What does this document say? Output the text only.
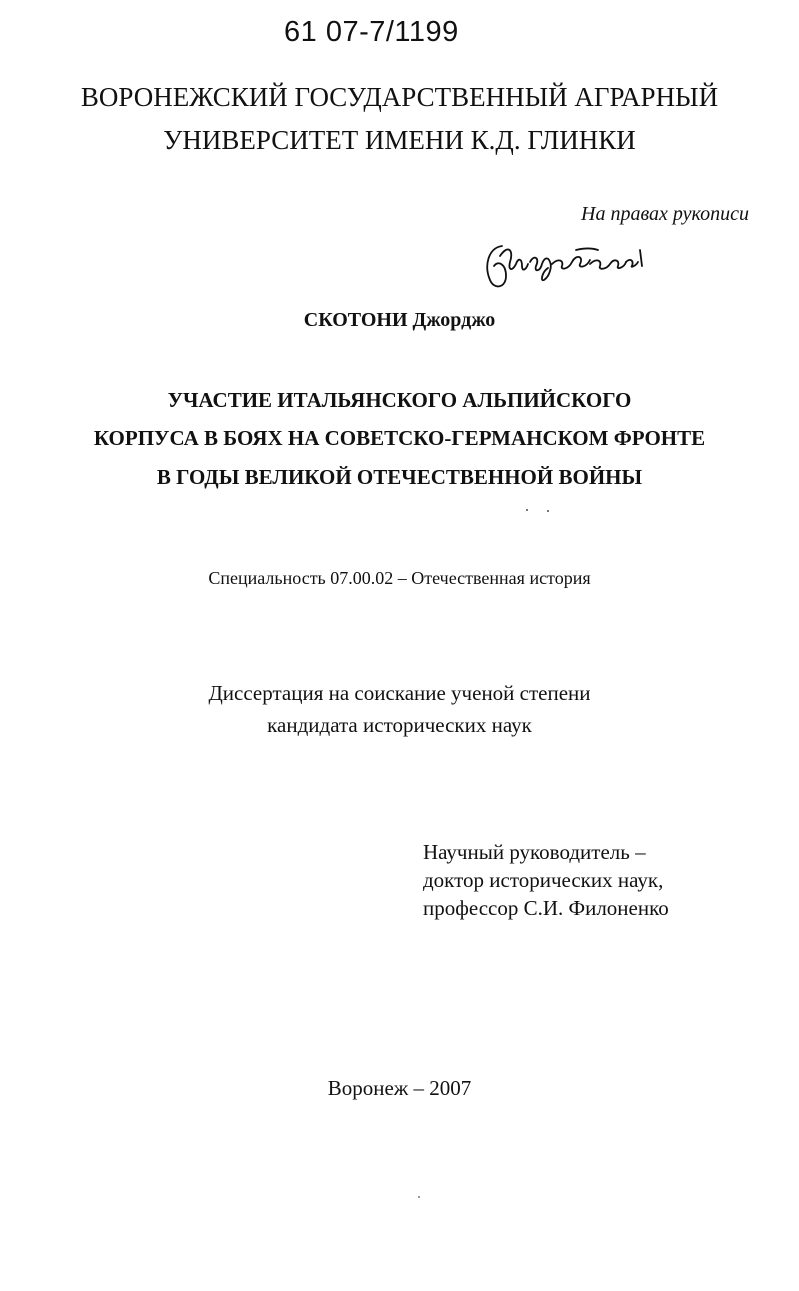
61 07-7/1199
ВОРОНЕЖСКИЙ ГОСУДАРСТВЕННЫЙ АГРАРНЫЙ
УНИВЕРСИТЕТ ИМЕНИ К.Д. ГЛИНКИ
На правах рукописи
СКОТОНИ Джорджо
УЧАСТИЕ ИТАЛЬЯНСКОГО АЛЬПИЙСКОГО
КОРПУСА В БОЯХ НА СОВЕТСКО-ГЕРМАНСКОМ ФРОНТЕ
В ГОДЫ ВЕЛИКОЙ ОТЕЧЕСТВЕННОЙ ВОЙНЫ
Специальность 07.00.02 – Отечественная история
Диссертация на соискание ученой степени
кандидата исторических наук
Научный руководитель –
доктор исторических наук,
профессор С.И. Филоненко
Воронеж – 2007
